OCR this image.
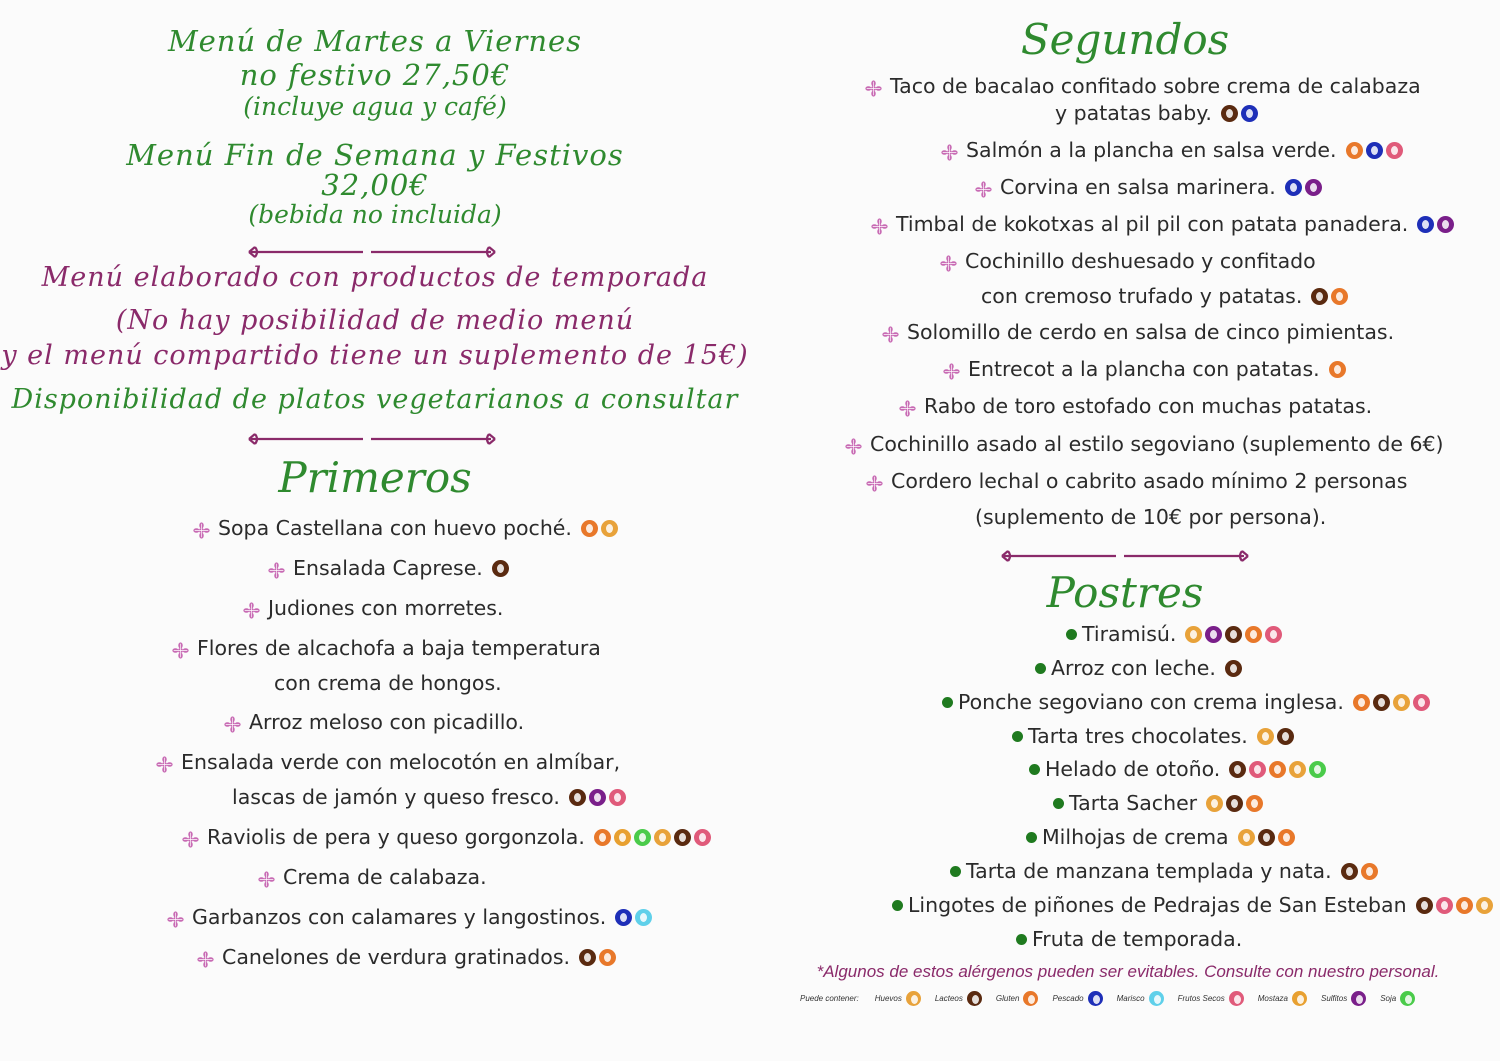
Menú de Martes a Viernes
no festivo 27,50€
(incluye agua y café)
Menú Fin de Semana y Festivos
32,00€
(bebida no incluida)
Menú elaborado con productos de temporada
(No hay posibilidad de medio menú
y el menú compartido tiene un suplemento de 15€)
Disponibilidad de platos vegetarianos a consultar
Primeros
Sopa Castellana con huevo poché.
Ensalada Caprese.
Judiones con morretes.
Flores de alcachofa a baja temperatura
con crema de hongos.
Arroz meloso con picadillo.
Ensalada verde con melocotón en almíbar,
lascas de jamón y queso fresco.
Raviolis de pera y queso gorgonzola.
Crema de calabaza.
Garbanzos con calamares y langostinos.
Canelones de verdura gratinados.
Segundos
Taco de bacalao confitado sobre crema de calabaza
y patatas baby.
Salmón a la plancha en salsa verde.
Corvina en salsa marinera.
Timbal de kokotxas al pil pil con patata panadera.
Cochinillo deshuesado y confitado
con cremoso trufado y patatas.
Solomillo de cerdo en salsa de cinco pimientas.
Entrecot a la plancha con patatas.
Rabo de toro estofado con muchas patatas.
Cochinillo asado al estilo segoviano (suplemento de 6€)
Cordero lechal o cabrito asado mínimo 2 personas
(suplemento de 10€ por persona).
Postres
Tiramisú.
Arroz con leche.
Ponche segoviano con crema inglesa.
Tarta tres chocolates.
Helado de otoño.
Tarta Sacher
Milhojas de crema
Tarta de manzana templada y nata.
Lingotes de piñones de Pedrajas de San Esteban
Fruta de temporada.
*Algunos de estos alérgenos pueden ser evitables. Consulte con nuestro personal.
Puede contener: Huevos	Lacteos	Gluten	Pescado	Marisco	Frutos Secos	Mostaza	Sulfitos	Soja
